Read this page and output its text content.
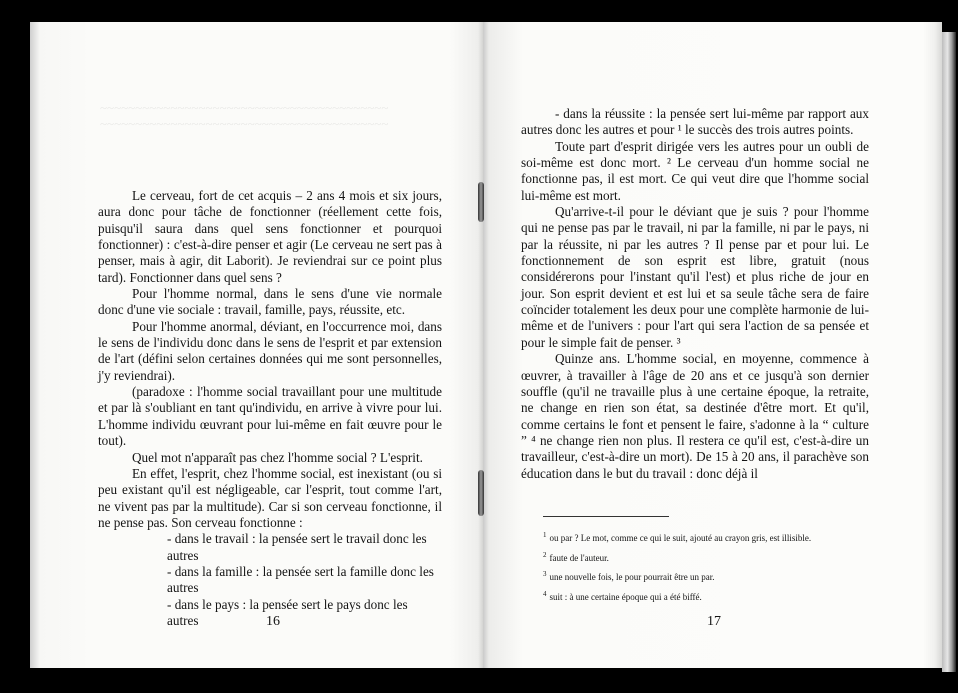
~~~~~~~~~~~~~~~~~~~~~~~~~~~~~~~~~~~~~~~~~
~~~~~~~~~~~~~~~~~~~~~~~~~~~~~~~~~~~~~~~~~

Le cerveau, fort de cet acquis – 2 ans 4 mois et six jours, aura donc pour tâche de fonctionner (réellement cette fois, puisqu'il saura dans quel sens fonctionner et pourquoi fonctionner) : c'est-à-dire penser et agir (Le cerveau ne sert pas à penser, mais à agir, dit Laborit). Je reviendrai sur ce point plus tard). Fonctionner dans quel sens ?

Pour l'homme normal, dans le sens d'une vie normale donc d'une vie sociale : travail, famille, pays, réussite, etc.

Pour l'homme anormal, déviant, en l'occurrence moi, dans le sens de l'individu donc dans le sens de l'esprit et par extension de l'art (défini selon certaines données qui me sont personnelles, j'y reviendrai).

(paradoxe : l'homme social travaillant pour une multitude et par là s'oubliant en tant qu'individu, en arrive à vivre pour lui. L'homme individu œuvrant pour lui-même en fait œuvre pour le tout).

Quel mot n'apparaît pas chez l'homme social ? L'esprit.

En effet, l'esprit, chez l'homme social, est inexistant (ou si peu existant qu'il est négligeable, car l'esprit, tout comme l'art, ne vivent pas par la multitude). Car si son cerveau fonctionne, il ne pense pas. Son cerveau fonctionne :

- dans le travail : la pensée sert le travail donc les autres

- dans la famille : la pensée sert la famille donc les autres

- dans le pays : la pensée sert le pays donc les autres	16

- dans la réussite : la pensée sert lui-même par rapport aux autres donc les autres et pour ¹ le succès des trois autres points.

Toute part d'esprit dirigée vers les autres pour un oubli de soi-même est donc mort. ² Le cerveau d'un homme social ne fonctionne pas, il est mort. Ce qui veut dire que l'homme social lui-même est mort.

Qu'arrive-t-il pour le déviant que je suis ? pour l'homme qui ne pense pas par le travail, ni par la famille, ni par le pays, ni par la réussite, ni par les autres ? Il pense par et pour lui. Le fonctionnement de son esprit est libre, gratuit (nous considérerons pour l'instant qu'il l'est) et plus riche de jour en jour. Son esprit devient et est lui et sa seule tâche sera de faire coïncider totalement les deux pour une complète harmonie de lui-même et de l'univers : pour l'art qui sera l'action de sa pensée et pour le simple fait de penser. ³

Quinze ans. L'homme social, en moyenne, commence à œuvrer, à travailler à l'âge de 20 ans et ce jusqu'à son dernier souffle (qu'il ne travaille plus à une certaine époque, la retraite, ne change en rien son état, sa destinée d'être mort. Et qu'il, comme certains le font et pensent le faire, s'adonne à la “ culture ” ⁴ ne change rien non plus. Il restera ce qu'il est, c'est-à-dire un travailleur, c'est-à-dire un mort). De 15 à 20 ans, il parachève son éducation dans le but du travail : donc déjà il

$^1$ ou par ? Le mot, comme ce qui le suit, ajouté au crayon gris, est illisible.
$^2$ faute de l'auteur.
$^3$ une nouvelle fois, le pour pourrait être un par.
$^4$ suit : à une certaine époque qui a été biffé.
17
